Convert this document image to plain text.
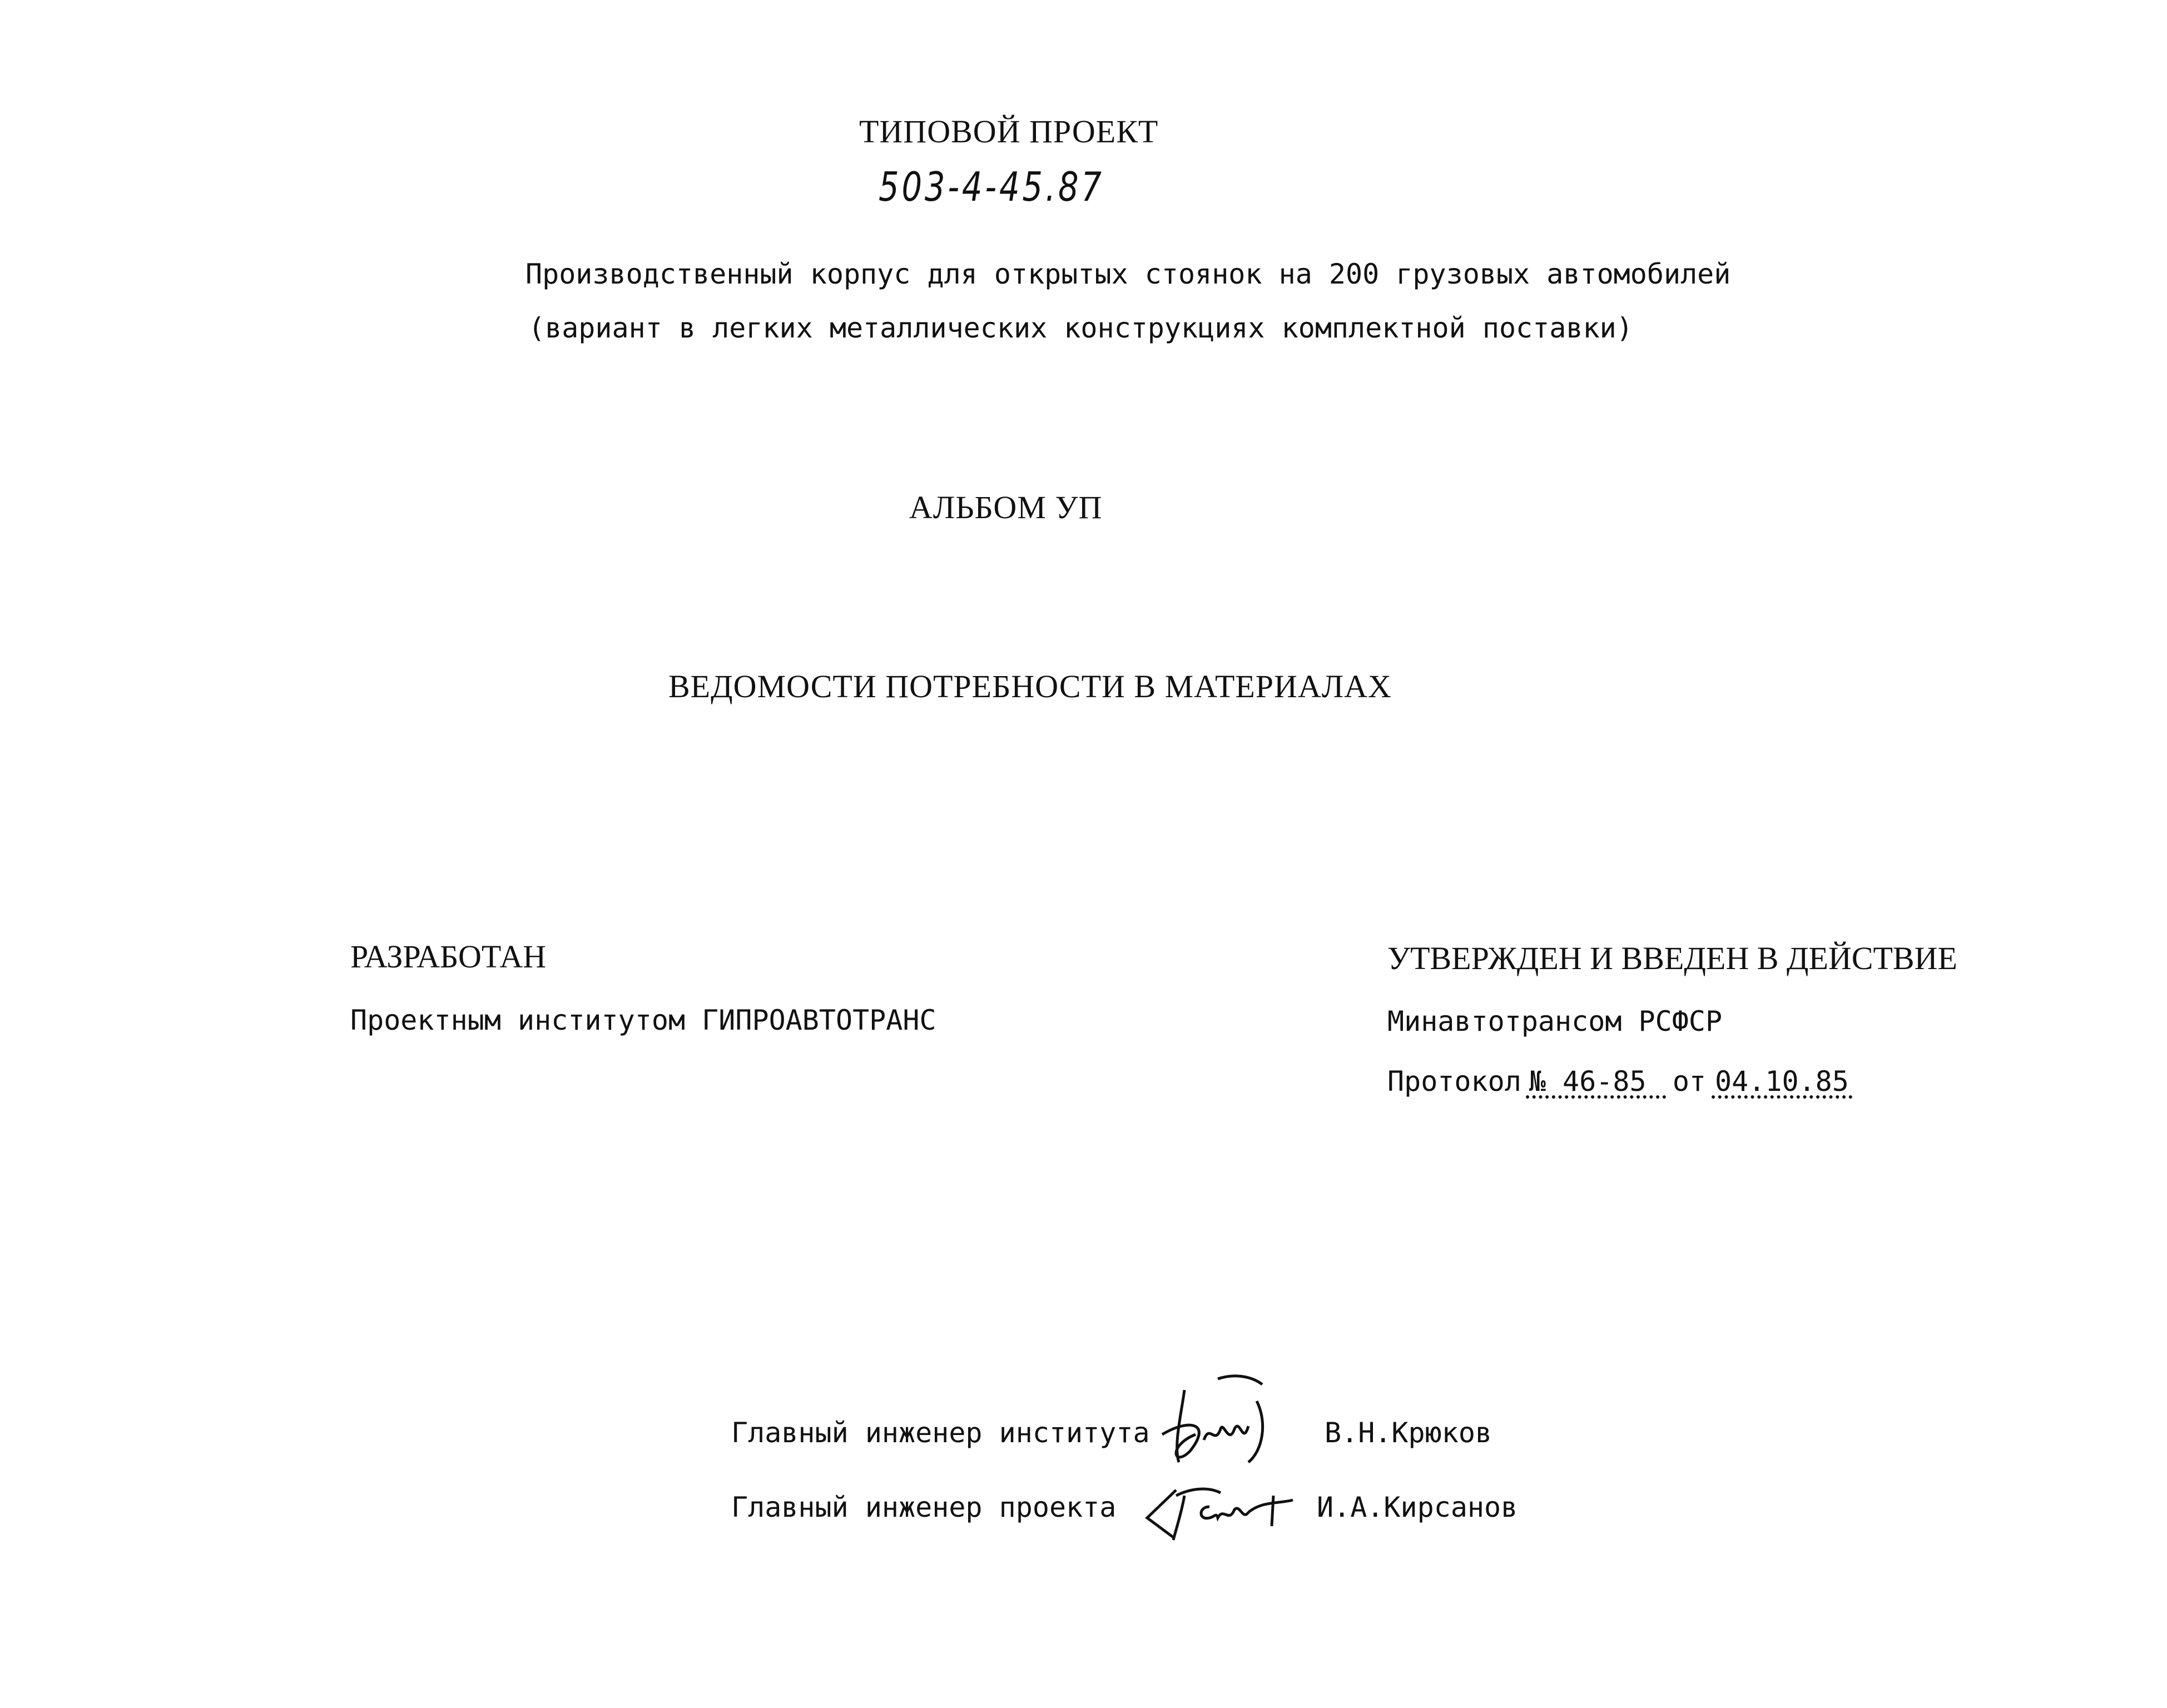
ТИПОВОЙ ПРОЕКТ
503-4-45.87
Производственный корпус для открытых стоянок на 200 грузовых автомобилей
(вариант в легких металлических конструкциях комплектной поставки)
АЛЬБОМ УП
ВЕДОМОСТИ ПОТРЕБНОСТИ В МАТЕРИАЛАХ
РАЗРАБОТАН
Проектным институтом ГИПРОАВТОТРАНС
УТВЕРЖДЕН И ВВЕДЕН В ДЕЙСТВИЕ
Минавтотрансом РСФСР
Протокол № 46-85 от 04.10.85
Главный инженер института	В.Н.Крюков
Главный инженер проекта	И.А.Кирсанов
